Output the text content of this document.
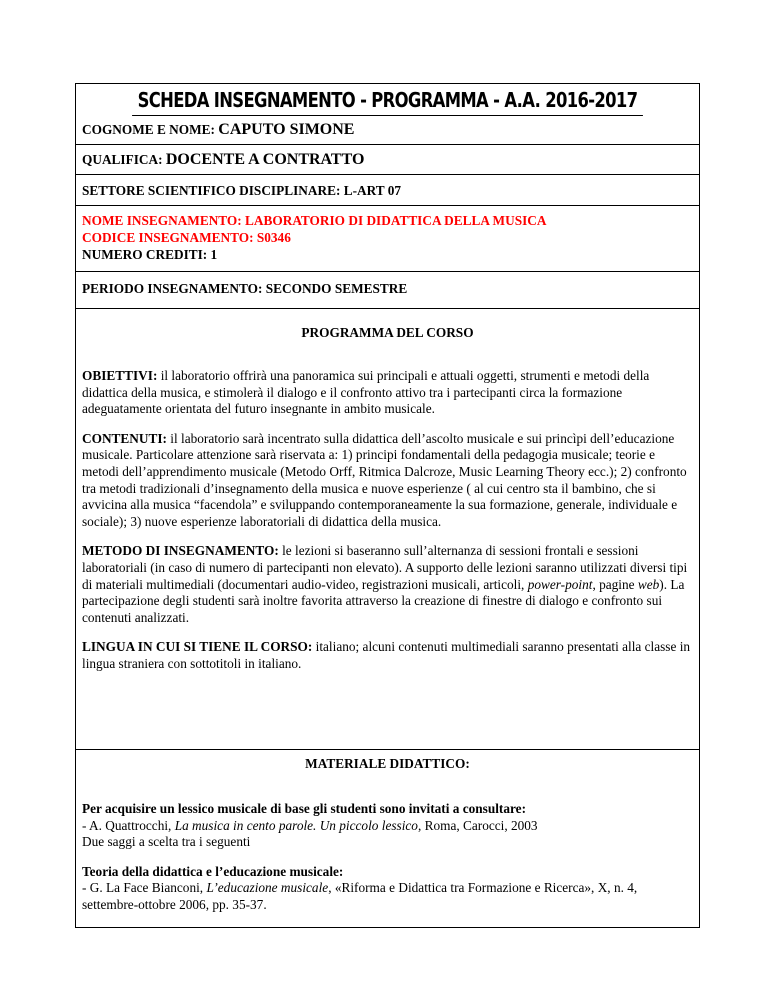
SCHEDA INSEGNAMENTO - PROGRAMMA - A.A. 2016-2017
COGNOME E NOME: CAPUTO SIMONE
QUALIFICA: DOCENTE A CONTRATTO
SETTORE SCIENTIFICO DISCIPLINARE: L-ART 07
NOME INSEGNAMENTO: LABORATORIO DI DIDATTICA DELLA MUSICA
CODICE INSEGNAMENTO: S0346
NUMERO CREDITI: 1
PERIODO INSEGNAMENTO: SECONDO SEMESTRE
PROGRAMMA DEL CORSO

OBIETTIVI: il laboratorio offrirà una panoramica sui principali e attuali oggetti, strumenti e metodi della didattica della musica, e stimolerà il dialogo e il confronto attivo tra i partecipanti circa la formazione adeguatamente orientata del futuro insegnante in ambito musicale.

CONTENUTI: il laboratorio sarà incentrato sulla didattica dell’ascolto musicale e sui princìpi dell’educazione musicale. Particolare attenzione sarà riservata a: 1) principi fondamentali della pedagogia musicale; teorie e metodi dell’apprendimento musicale (Metodo Orff, Ritmica Dalcroze, Music Learning Theory ecc.); 2) confronto tra metodi tradizionali d’insegnamento della musica e nuove esperienze ( al cui centro sta il bambino, che si avvicina alla musica “facendola” e sviluppando contemporaneamente la sua formazione, generale, individuale e sociale); 3) nuove esperienze laboratoriali di didattica della musica.

METODO DI INSEGNAMENTO: le lezioni si baseranno sull’alternanza di sessioni frontali e sessioni laboratoriali (in caso di numero di partecipanti non elevato). A supporto delle lezioni saranno utilizzati diversi tipi di materiali multimediali (documentari audio-video, registrazioni musicali, articoli, power-point, pagine web). La partecipazione degli studenti sarà inoltre favorita attraverso la creazione di finestre di dialogo e confronto sui contenuti analizzati.

LINGUA IN CUI SI TIENE IL CORSO: italiano; alcuni contenuti multimediali saranno presentati alla classe in lingua straniera con sottotitoli in italiano.

MATERIALE DIDATTICO:

Per acquisire un lessico musicale di base gli studenti sono invitati a consultare:
- A. Quattrocchi, La musica in cento parole. Un piccolo lessico, Roma, Carocci, 2003
Due saggi a scelta tra i seguenti

Teoria della didattica e l’educazione musicale:
- G. La Face Bianconi, L’educazione musicale, «Riforma e Didattica tra Formazione e Ricerca», X, n. 4, settembre-ottobre 2006, pp. 35-37.
